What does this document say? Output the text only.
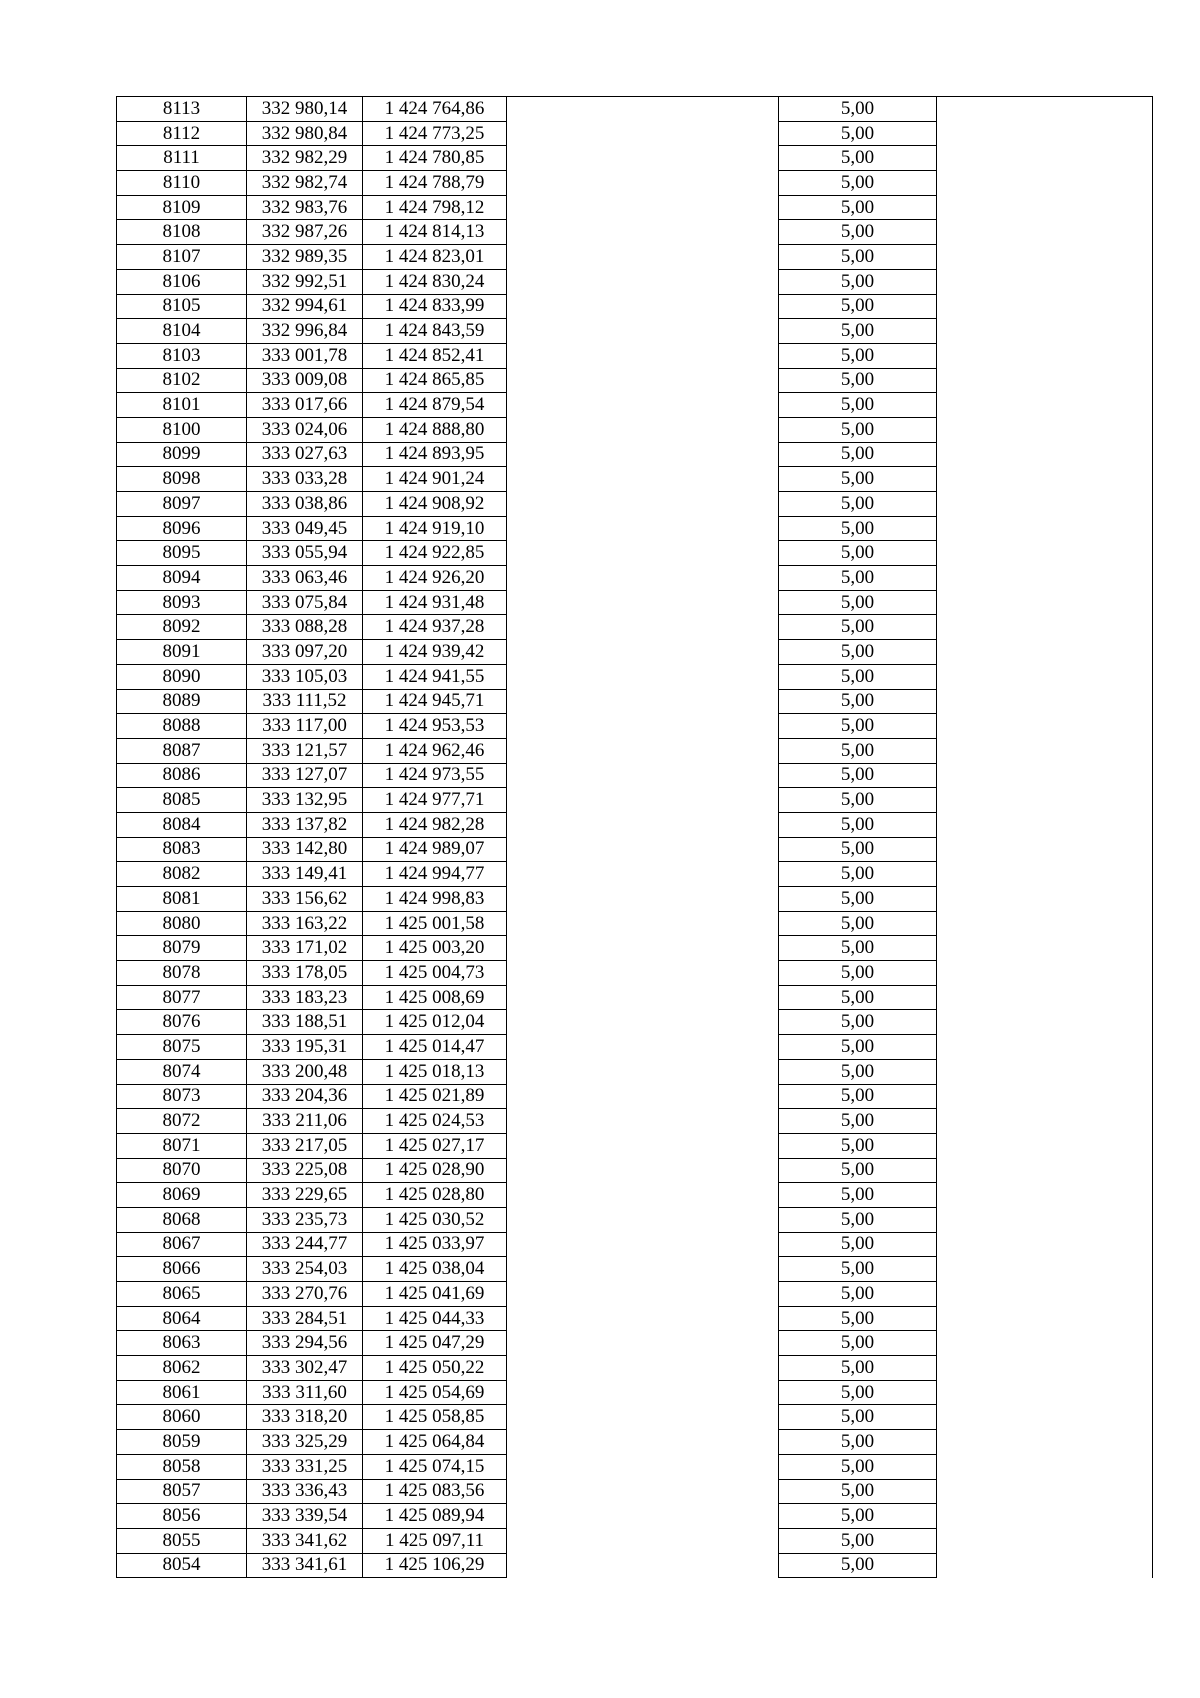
8113	332 980,14	1 424 764,86		5,00	
8112	332 980,84	1 424 773,25		5,00	
8111	332 982,29	1 424 780,85		5,00	
8110	332 982,74	1 424 788,79		5,00	
8109	332 983,76	1 424 798,12		5,00	
8108	332 987,26	1 424 814,13		5,00	
8107	332 989,35	1 424 823,01		5,00	
8106	332 992,51	1 424 830,24		5,00	
8105	332 994,61	1 424 833,99		5,00	
8104	332 996,84	1 424 843,59		5,00	
8103	333 001,78	1 424 852,41		5,00	
8102	333 009,08	1 424 865,85		5,00	
8101	333 017,66	1 424 879,54		5,00	
8100	333 024,06	1 424 888,80		5,00	
8099	333 027,63	1 424 893,95		5,00	
8098	333 033,28	1 424 901,24		5,00	
8097	333 038,86	1 424 908,92		5,00	
8096	333 049,45	1 424 919,10		5,00	
8095	333 055,94	1 424 922,85		5,00	
8094	333 063,46	1 424 926,20		5,00	
8093	333 075,84	1 424 931,48		5,00	
8092	333 088,28	1 424 937,28		5,00	
8091	333 097,20	1 424 939,42		5,00	
8090	333 105,03	1 424 941,55		5,00	
8089	333 111,52	1 424 945,71		5,00	
8088	333 117,00	1 424 953,53		5,00	
8087	333 121,57	1 424 962,46		5,00	
8086	333 127,07	1 424 973,55		5,00	
8085	333 132,95	1 424 977,71		5,00	
8084	333 137,82	1 424 982,28		5,00	
8083	333 142,80	1 424 989,07		5,00	
8082	333 149,41	1 424 994,77		5,00	
8081	333 156,62	1 424 998,83		5,00	
8080	333 163,22	1 425 001,58		5,00	
8079	333 171,02	1 425 003,20		5,00	
8078	333 178,05	1 425 004,73		5,00	
8077	333 183,23	1 425 008,69		5,00	
8076	333 188,51	1 425 012,04		5,00	
8075	333 195,31	1 425 014,47		5,00	
8074	333 200,48	1 425 018,13		5,00	
8073	333 204,36	1 425 021,89		5,00	
8072	333 211,06	1 425 024,53		5,00	
8071	333 217,05	1 425 027,17		5,00	
8070	333 225,08	1 425 028,90		5,00	
8069	333 229,65	1 425 028,80		5,00	
8068	333 235,73	1 425 030,52		5,00	
8067	333 244,77	1 425 033,97		5,00	
8066	333 254,03	1 425 038,04		5,00	
8065	333 270,76	1 425 041,69		5,00	
8064	333 284,51	1 425 044,33		5,00	
8063	333 294,56	1 425 047,29		5,00	
8062	333 302,47	1 425 050,22		5,00	
8061	333 311,60	1 425 054,69		5,00	
8060	333 318,20	1 425 058,85		5,00	
8059	333 325,29	1 425 064,84		5,00	
8058	333 331,25	1 425 074,15		5,00	
8057	333 336,43	1 425 083,56		5,00	
8056	333 339,54	1 425 089,94		5,00	
8055	333 341,62	1 425 097,11		5,00	
8054	333 341,61	1 425 106,29		5,00	
